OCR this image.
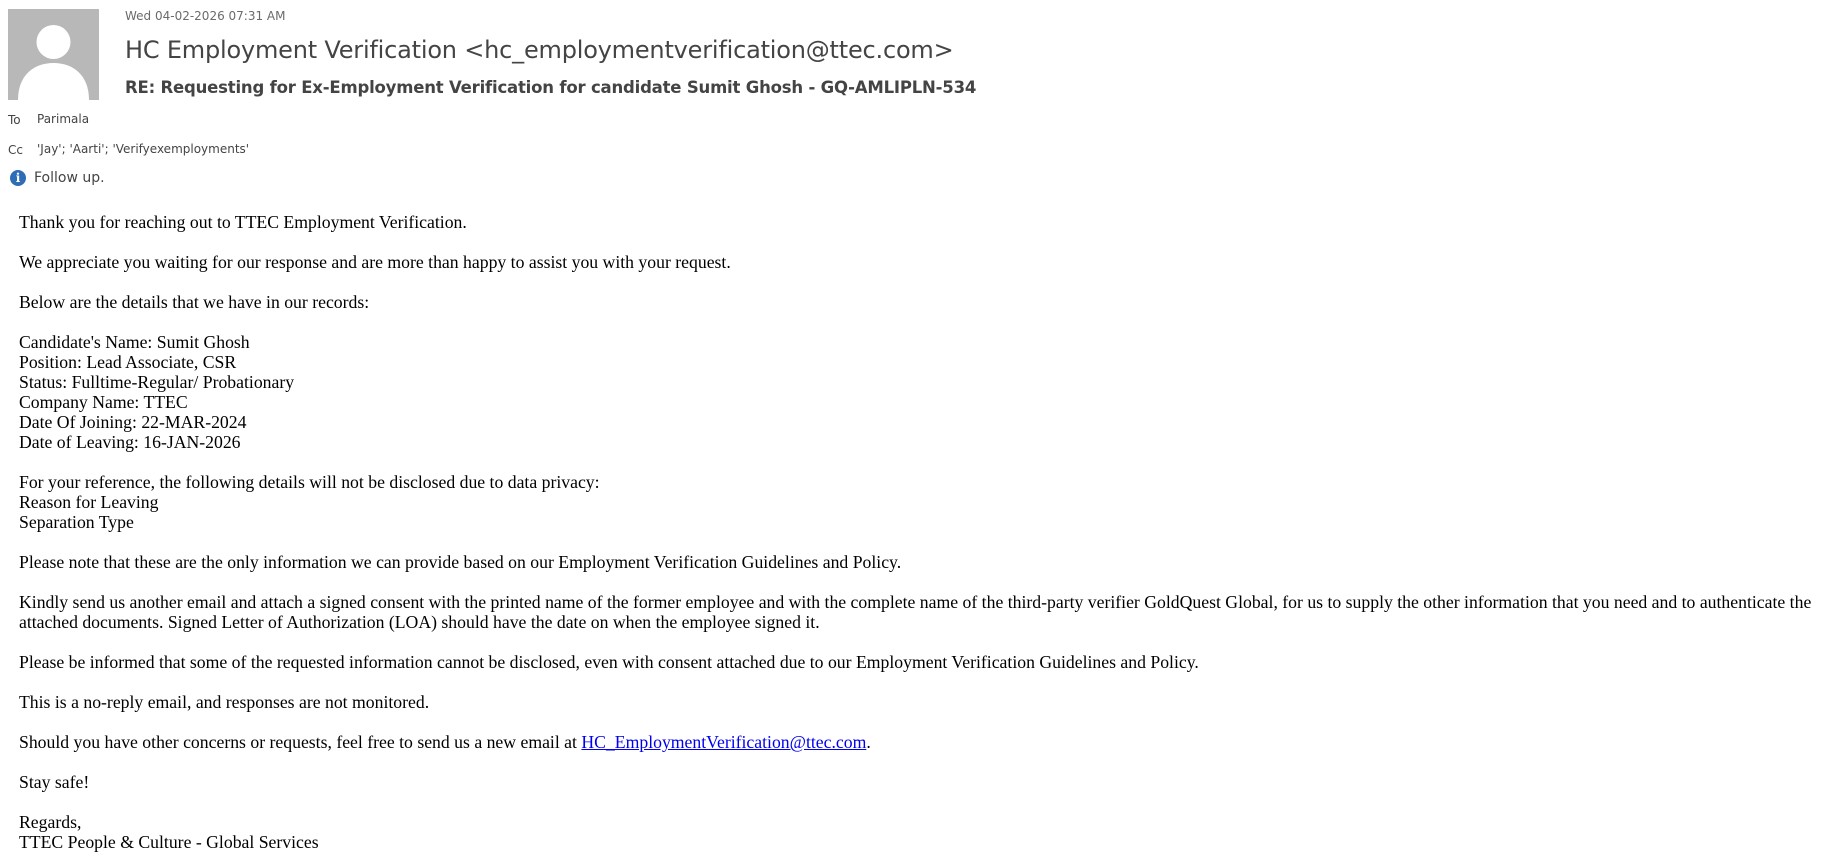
Wed 04-02-2026 07:31 AM
HC Employment Verification <hc_employmentverification@ttec.com>
RE: Requesting for Ex-Employment Verification for candidate Sumit Ghosh - GQ-AMLIPLN-534
To Parimala
Cc 'Jay'; 'Aarti'; 'Verifyexemployments'
i Follow up.

Thank you for reaching out to TTEC Employment Verification.

We appreciate you waiting for our response and are more than happy to assist you with your request.

Below are the details that we have in our records:

Candidate's Name: Sumit Ghosh
Position: Lead Associate, CSR
Status: Fulltime-Regular/ Probationary
Company Name: TTEC
Date Of Joining: 22-MAR-2024
Date of Leaving: 16-JAN-2026

For your reference, the following details will not be disclosed due to data privacy:
Reason for Leaving
Separation Type

Please note that these are the only information we can provide based on our Employment Verification Guidelines and Policy.

Kindly send us another email and attach a signed consent with the printed name of the former employee and with the complete name of the third-party verifier GoldQuest Global, for us to supply the other information that you need and to authenticate the attached documents. Signed Letter of Authorization (LOA) should have the date on when the employee signed it.

Please be informed that some of the requested information cannot be disclosed, even with consent attached due to our Employment Verification Guidelines and Policy.

This is a no-reply email, and responses are not monitored.

Should you have other concerns or requests, feel free to send us a new email at HC_EmploymentVerification@ttec.com.

Stay safe!

Regards,
TTEC People & Culture - Global Services
